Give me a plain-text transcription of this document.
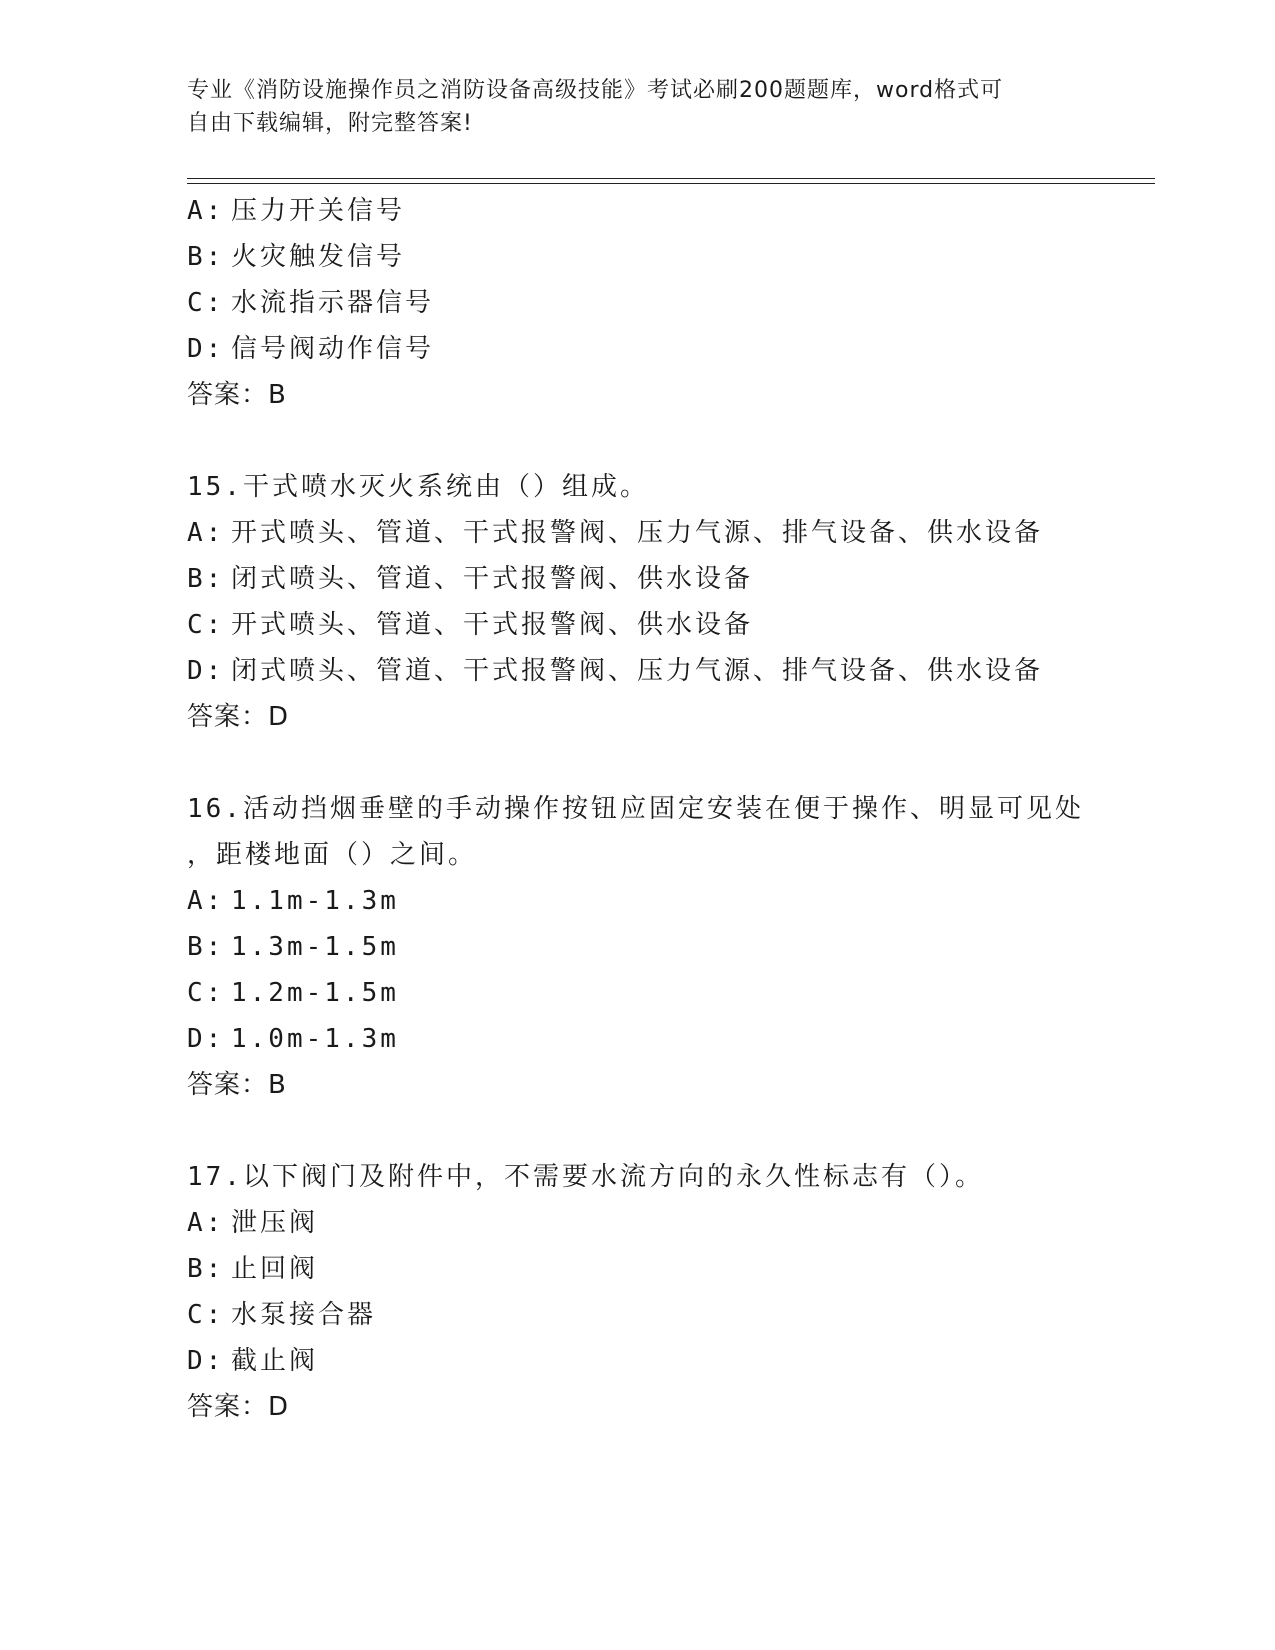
专业《消防设施操作员之消防设备高级技能》考试必刷200题题库，word格式可
自由下载编辑，附完整答案!
A: 压力开关信号
B: 火灾触发信号
C: 水流指示器信号
D: 信号阀动作信号
答案：B
15.干式喷水灭火系统由（）组成。
A: 开式喷头、管道、干式报警阀、压力气源、排气设备、供水设备
B: 闭式喷头、管道、干式报警阀、供水设备
C: 开式喷头、管道、干式报警阀、供水设备
D: 闭式喷头、管道、干式报警阀、压力气源、排气设备、供水设备
答案：D
16.活动挡烟垂壁的手动操作按钮应固定安装在便于操作、明显可见处
，距楼地面（）之间。
A: 1.1m-1.3m
B: 1.3m-1.5m
C: 1.2m-1.5m
D: 1.0m-1.3m
答案：B
17.以下阀门及附件中，不需要水流方向的永久性标志有（）。
A: 泄压阀
B: 止回阀
C: 水泵接合器
D: 截止阀
答案：D
